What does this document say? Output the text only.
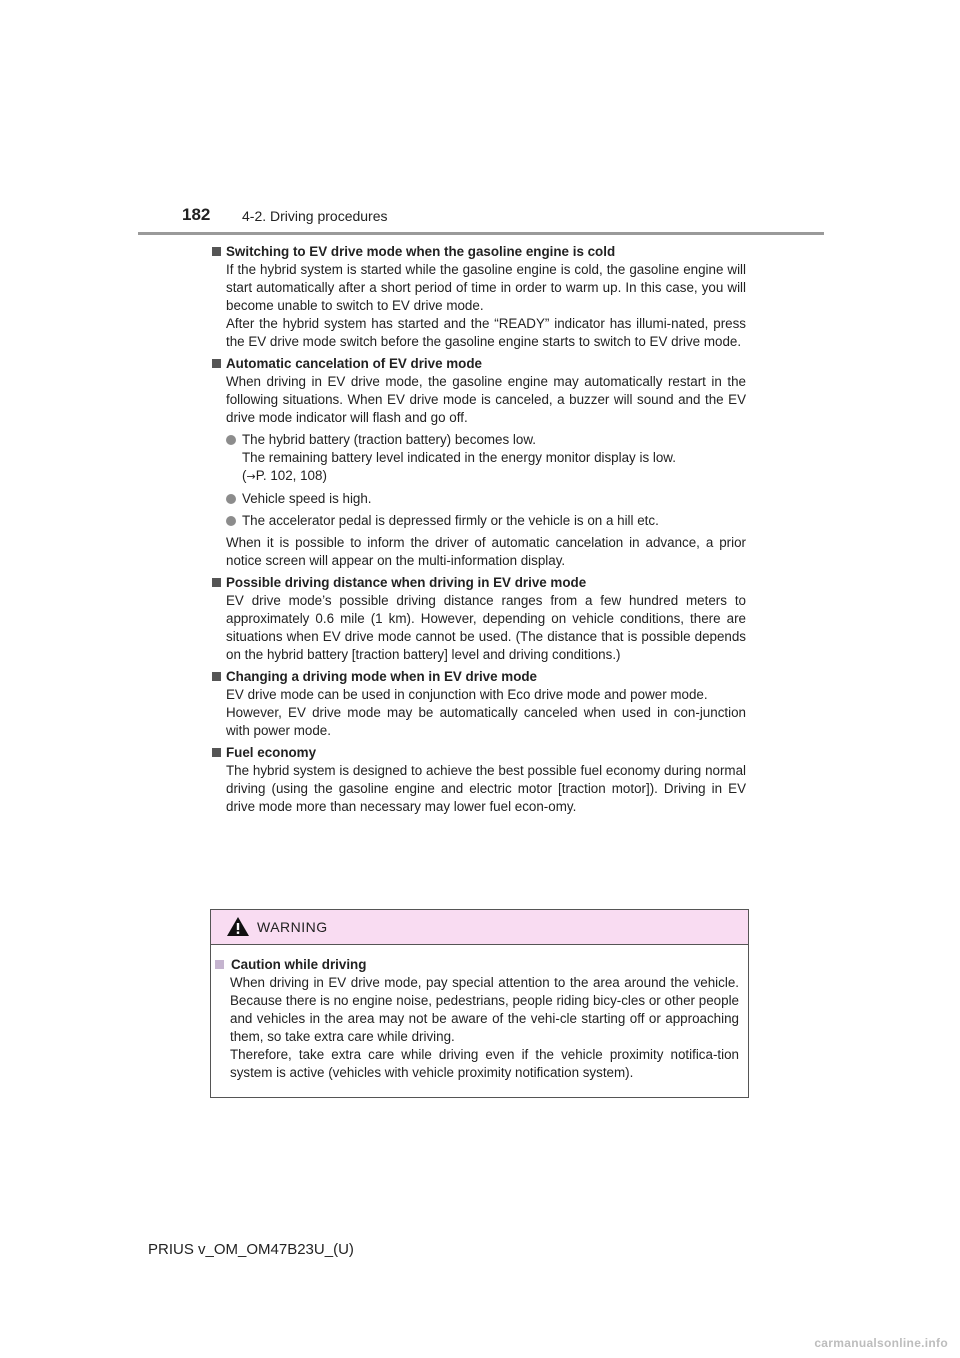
182 4-2. Driving procedures
Switching to EV drive mode when the gasoline engine is cold
If the hybrid system is started while the gasoline engine is cold, the gasoline engine will start automatically after a short period of time in order to warm up. In this case, you will become unable to switch to EV drive mode.
After the hybrid system has started and the “READY” indicator has illumi-nated, press the EV drive mode switch before the gasoline engine starts to switch to EV drive mode.
Automatic cancelation of EV drive mode
When driving in EV drive mode, the gasoline engine may automatically restart in the following situations. When EV drive mode is canceled, a buzzer will sound and the EV drive mode indicator will flash and go off.
The hybrid battery (traction battery) becomes low.
The remaining battery level indicated in the energy monitor display is low.
(→P. 102, 108)
Vehicle speed is high.
The accelerator pedal is depressed firmly or the vehicle is on a hill etc.
When it is possible to inform the driver of automatic cancelation in advance, a prior notice screen will appear on the multi-information display.
Possible driving distance when driving in EV drive mode
EV drive mode’s possible driving distance ranges from a few hundred meters to approximately 0.6 mile (1 km). However, depending on vehicle conditions, there are situations when EV drive mode cannot be used. (The distance that is possible depends on the hybrid battery [traction battery] level and driving conditions.)
Changing a driving mode when in EV drive mode
EV drive mode can be used in conjunction with Eco drive mode and power mode.
However, EV drive mode may be automatically canceled when used in con-junction with power mode.
Fuel economy
The hybrid system is designed to achieve the best possible fuel economy during normal driving (using the gasoline engine and electric motor [traction motor]). Driving in EV drive mode more than necessary may lower fuel econ-omy.
WARNING
Caution while driving
When driving in EV drive mode, pay special attention to the area around the vehicle. Because there is no engine noise, pedestrians, people riding bicy-cles or other people and vehicles in the area may not be aware of the vehi-cle starting off or approaching them, so take extra care while driving.
Therefore, take extra care while driving even if the vehicle proximity notifica-tion system is active (vehicles with vehicle proximity notification system).
PRIUS v_OM_OM47B23U_(U)
carmanualsonline.info
